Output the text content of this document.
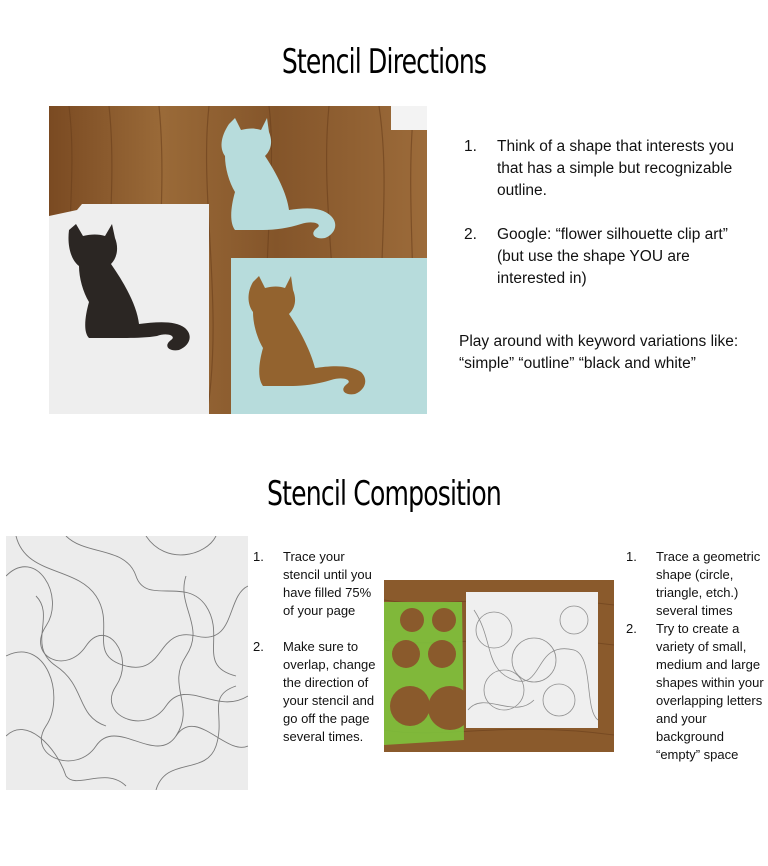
Stencil Directions
1. Think of a shape that interests you that has a simple but recognizable outline.
2. Google: “flower silhouette clip art” (but use the shape YOU are interested in)
Play around with keyword variations like: “simple” “outline” “black and white”
Stencil Composition
1. Trace your stencil until you have filled 75% of your page
2. Make sure to overlap, change the direction of your stencil and go off the page several times.
1. Trace a geometric shape (circle, triangle, etch.) several times
2. Try to create a variety of small, medium and large shapes within your overlapping letters and your background “empty” space
